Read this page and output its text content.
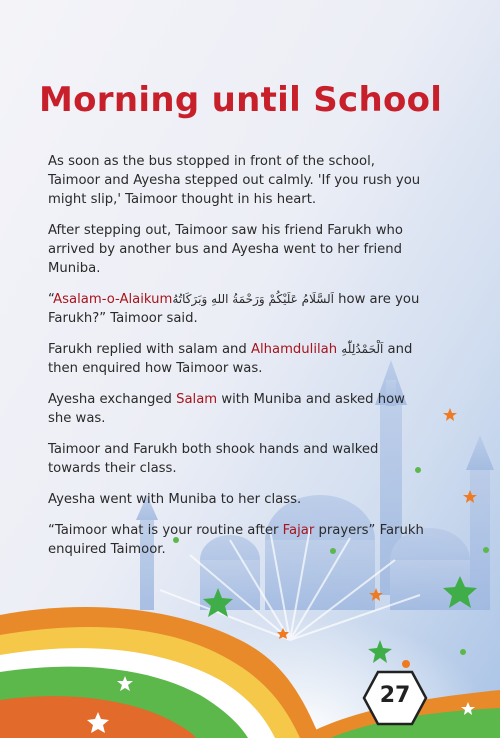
Morning until School

As soon as the bus stopped in front of the school, Taimoor and Ayesha stepped out calmly. 'If you rush you might slip,' Taimoor thought in his heart.

After stepping out, Taimoor saw his friend Farukh who arrived by another bus and Ayesha went to her friend Muniba.

“Asalam-o-Alaikumاَلسَّلَامُ عَلَيْكُمْ وَرَحْمَةُ اللهِ وَبَرَكَاتُهُ how are you Farukh?” Taimoor said.

Farukh replied with salam and Alhamdulilah اَلْحَمْدُلِلّٰهِ and then enquired how Taimoor was.

Ayesha exchanged Salam with Muniba and asked how she was.

Taimoor and Farukh both shook hands and walked towards their class.

Ayesha went with Muniba to her class.

“Taimoor what is your routine after Fajar prayers” Farukh enquired Taimoor.

27
